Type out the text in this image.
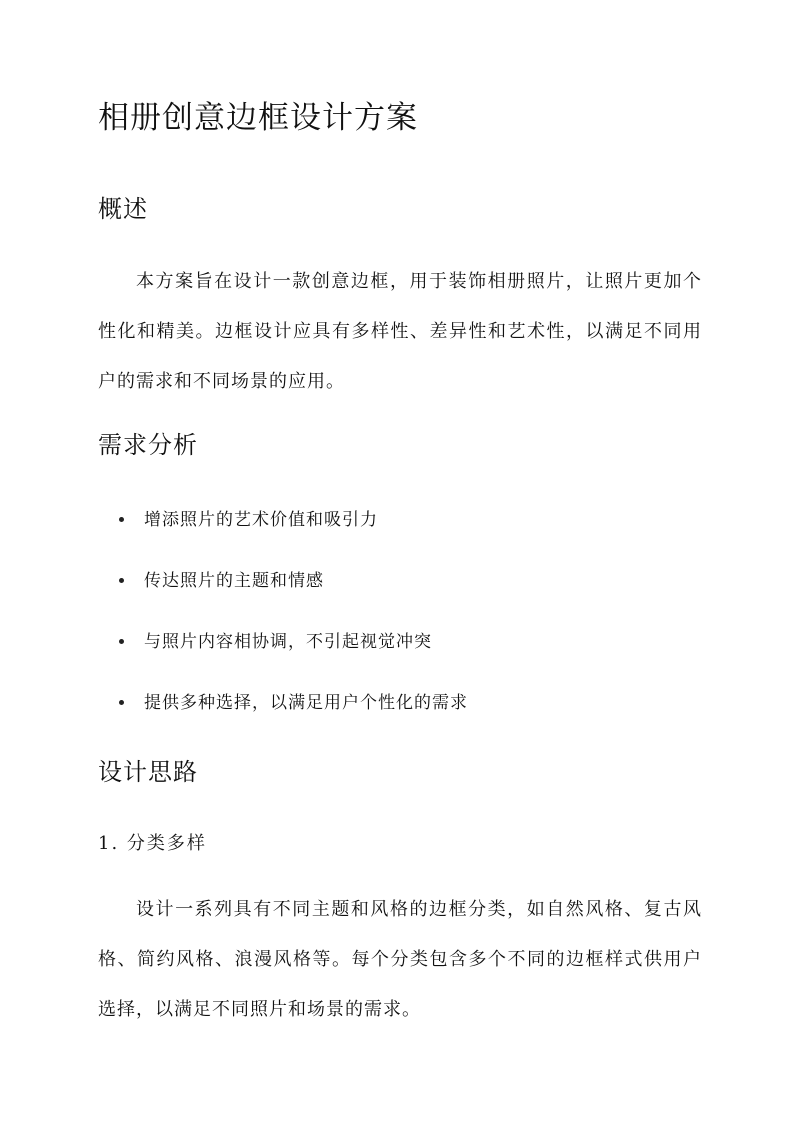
相册创意边框设计方案
概述

本方案旨在设计一款创意边框，用于装饰相册照片，让照片更加个性化和精美。边框设计应具有多样性、差异性和艺术性，以满足不同用户的需求和不同场景的应用。

需求分析
增添照片的艺术价值和吸引力
传达照片的主题和情感
与照片内容相协调，不引起视觉冲突
提供多种选择，以满足用户个性化的需求
设计思路
1. 分类多样

设计一系列具有不同主题和风格的边框分类，如自然风格、复古风格、简约风格、浪漫风格等。每个分类包含多个不同的边框样式供用户选择，以满足不同照片和场景的需求。
